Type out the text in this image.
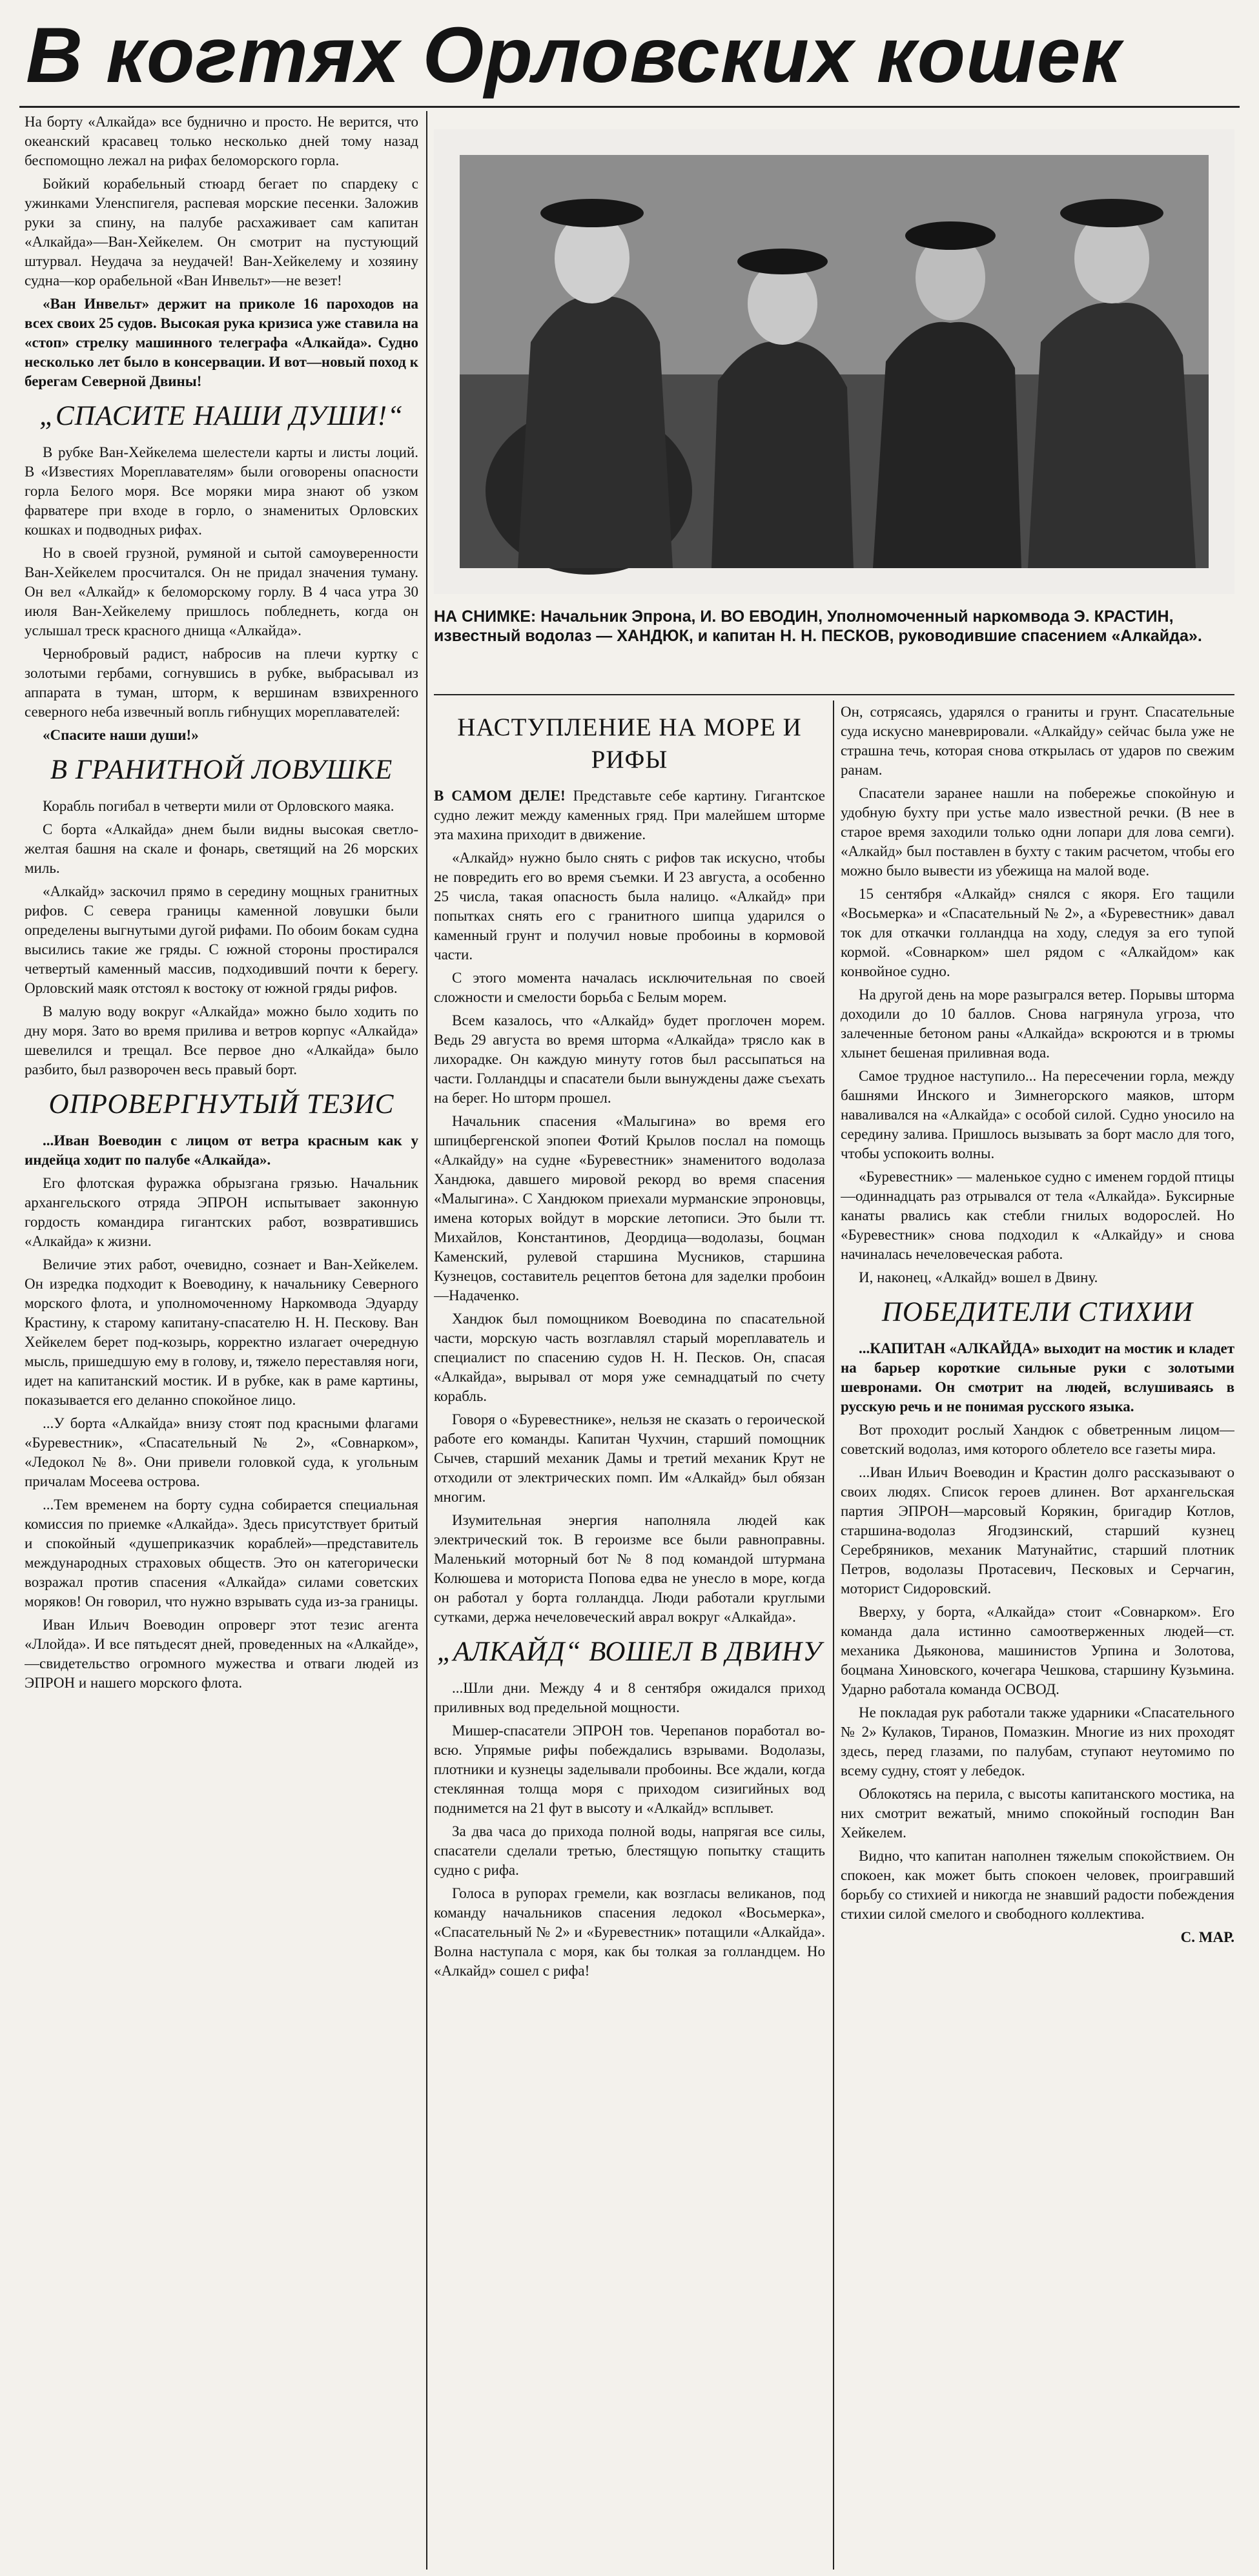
В когтях Орловских кошек
НА СНИМКЕ: Начальник Эпрона, И. ВО ЕВОДИН, Уполномоченный наркомвода Э. КРАСТИН, известный водолаз — ХАНДЮК, и капитан Н. Н. ПЕСКОВ, руководившие спасением «Алкайда».

На борту «Алкайда» все буднично и просто. Не верится, что океанский красавец только несколько дней тому назад беспомощно лежал на рифах беломорского горла.

Бойкий корабельный стюард бегает по спардеку с ужинками Уленспигеля, распевая морские песенки. Заложив руки за спину, на палубе расхаживает сам капитан «Алкайда»—Ван-Хейкелем. Он смотрит на пустующий штурвал. Неудача за неудачей! Ван-Хейкелему и хозяину судна—кор орабельной «Ван Инвельт»—не везет!

«Ван Инвельт» держит на приколе 16 пароходов на всех своих 25 судов. Высокая рука кризиса уже ставила на «стоп» стрелку машинного телеграфа «Алкайда». Судно несколько лет было в консервации. И вот—новый поход к берегам Северной Двины!

„СПАСИТЕ НАШИ ДУШИ!“

В рубке Ван-Хейкелема шелестели карты и листы лоций. В «Известиях Мореплавателям» были оговорены опасности горла Белого моря. Все моряки мира знают об узком фарватере при входе в горло, о знаменитых Орловских кошках и подводных рифах.

Но в своей грузной, румяной и сытой самоуверенности Ван-Хейкелем просчитался. Он не придал значения туману. Он вел «Алкайд» к беломорскому горлу. В 4 часа утра 30 июля Ван-Хейкелему пришлось побледнеть, когда он услышал треск красного днища «Алкайда».

Чернобровый радист, набросив на плечи куртку с золотыми гербами, согнувшись в рубке, выбрасывал из аппарата в туман, шторм, к вершинам взвихренного северного неба извечный вопль гибнущих мореплавателей:

«Спасите наши души!»

В ГРАНИТНОЙ ЛОВУШКЕ

Корабль погибал в четверти мили от Орловского маяка.

С борта «Алкайда» днем были видны высокая светло-желтая башня на скале и фонарь, светящий на 26 морских миль.

«Алкайд» заскочил прямо в середину мощных гранитных рифов. С севера границы каменной ловушки были определены выгнутыми дугой рифами. По обоим бокам судна высились такие же гряды. С южной стороны простирался четвертый каменный массив, подходивший почти к берегу. Орловский маяк отстоял к востоку от южной гряды рифов.

В малую воду вокруг «Алкайда» можно было ходить по дну моря. Зато во время прилива и ветров корпус «Алкайда» шевелился и трещал. Все первое дно «Алкайда» было разбито, был разворочен весь правый борт.

ОПРОВЕРГНУТЫЙ ТЕЗИС

...Иван Воеводин с лицом от ветра красным как у индейца ходит по палубе «Алкайда».

Его флотская фуражка обрызгана грязью. Начальник архангельского отряда ЭПРОН испытывает законную гордость командира гигантских работ, возвратившись «Алкайда» к жизни.

Величие этих работ, очевидно, сознает и Ван-Хейкелем. Он изредка подходит к Воеводину, к начальнику Северного морского флота, и уполномоченному Наркомвода Эдуарду Крастину, к старому капитану-спасателю Н. Н. Пескову. Ван Хейкелем берет под-козырь, корректно излагает очередную мысль, пришедшую ему в голову, и, тяжело переставляя ноги, идет на капитанский мостик. И в рубке, как в раме картины, показывается его деланно спокойное лицо.

...У борта «Алкайда» внизу стоят под красными флагами «Буревестник», «Спасательный № 2», «Совнарком», «Ледокол № 8». Они привели головкой суда, к угольным причалам Мосеева острова.

...Тем временем на борту судна собирается специальная комиссия по приемке «Алкайда». Здесь присутствует бритый и спокойный «душеприказчик кораблей»—представитель международных страховых обществ. Это он категорически возражал против спасения «Алкайда» силами советских моряков! Он говорил, что нужно взрывать суда из-за границы.

Иван Ильич Воеводин опроверг этот тезис агента «Ллойда». И все пятьдесят дней, проведенных на «Алкайде»,—свидетельство огромного мужества и отваги людей из ЭПРОН и нашего морского флота.

НАСТУПЛЕНИЕ НА МОРЕ И РИФЫ

В САМОМ ДЕЛЕ! Представьте себе картину. Гигантское судно лежит между каменных гряд. При малейшем шторме эта махина приходит в движение.

«Алкайд» нужно было снять с рифов так искусно, чтобы не повредить его во время съемки. И 23 августа, а особенно 25 числа, такая опасность была налицо. «Алкайд» при попытках снять его с гранитного шипца ударился о каменный грунт и получил новые пробоины в кормовой части.

С этого момента началась исключительная по своей сложности и смелости борьба с Белым морем.

Всем казалось, что «Алкайд» будет проглочен морем. Ведь 29 августа во время шторма «Алкайда» трясло как в лихорадке. Он каждую минуту готов был рассыпаться на части. Голландцы и спасатели были вынуждены даже съехать на берег. Но шторм прошел.

Начальник спасения «Малыгина» во время его шпицбергенской эпопеи Фотий Крылов послал на помощь «Алкайду» на судне «Буревестник» знаменитого водолаза Хандюка, давшего мировой рекорд во время спасения «Малыгина». С Хандюком приехали мурманские эпроновцы, имена которых войдут в морские летописи. Это были тт. Михайлов, Константинов, Деордица—водолазы, боцман Каменский, рулевой старшина Мусников, старшина Кузнецов, составитель рецептов бетона для заделки пробоин—Надаченко.

Хандюк был помощником Воеводина по спасательной части, морскую часть возглавлял старый мореплаватель и специалист по спасению судов Н. Н. Песков. Он, спасая «Алкайда», вырывал от моря уже семнадцатый по счету корабль.

Говоря о «Буревестнике», нельзя не сказать о героической работе его команды. Капитан Чухчин, старший помощник Сычев, старший механик Дамы и третий механик Крут не отходили от электрических помп. Им «Алкайд» был обязан многим.

Изумительная энергия наполняла людей как электрический ток. В героизме все были равноправны. Маленький моторный бот № 8 под командой штурмана Колюшева и моториста Попова едва не унесло в море, когда он работал у борта голландца. Люди работали круглыми сутками, держа нечеловеческий аврал вокруг «Алкайда».

„АЛКАЙД“ ВОШЕЛ В ДВИНУ

...Шли дни. Между 4 и 8 сентября ожидался приход приливных вод предельной мощности.

Мишер-спасатели ЭПРОН тов. Черепанов поработал во-всю. Упрямые рифы побеждались взрывами. Водолазы, плотники и кузнецы заделывали пробоины. Все ждали, когда стеклянная толща моря с приходом сизигийных вод поднимется на 21 фут в высоту и «Алкайд» всплывет.

За два часа до прихода полной воды, напрягая все силы, спасатели сделали третью, блестящую попытку стащить судно с рифа.

Голоса в рупорах гремели, как возгласы великанов, под команду начальников спасения ледокол «Восьмерка», «Спасательный № 2» и «Буревестник» потащили «Алкайда». Волна наступала с моря, как бы толкая за голландцем. Но «Алкайд» сошел с рифа!

Он, сотрясаясь, ударялся о граниты и грунт. Спасательные суда искусно маневрировали. «Алкайду» сейчас была уже не страшна течь, которая снова открылась от ударов по свежим ранам.

Спасатели заранее нашли на побережье спокойную и удобную бухту при устье мало известной речки. (В нее в старое время заходили только одни лопари для лова семги). «Алкайд» был поставлен в бухту с таким расчетом, чтобы его можно было вывести из убежища на малой воде.

15 сентября «Алкайд» снялся с якоря. Его тащили «Восьмерка» и «Спасательный № 2», а «Буревестник» давал ток для откачки голландца на ходу, следуя за его тупой кормой. «Совнарком» шел рядом с «Алкайдом» как конвойное судно.

На другой день на море разыгрался ветер. Порывы шторма доходили до 10 баллов. Снова нагрянула угроза, что залеченные бетоном раны «Алкайда» вскроются и в трюмы хлынет бешеная приливная вода.

Самое трудное наступило... На пересечении горла, между башнями Инского и Зимнегорского маяков, шторм наваливался на «Алкайда» с особой силой. Судно уносило на середину залива. Пришлось вызывать за борт масло для того, чтобы успокоить волны.

«Буревестник» — маленькое судно с именем гордой птицы—одиннадцать раз отрывался от тела «Алкайда». Буксирные канаты рвались как стебли гнилых водорослей. Но «Буревестник» снова подходил к «Алкайду» и снова начиналась нечеловеческая работа.

И, наконец, «Алкайд» вошел в Двину.

ПОБЕДИТЕЛИ СТИХИИ

...КАПИТАН «АЛКАЙДА» выходит на мостик и кладет на барьер короткие сильные руки с золотыми шевронами. Он смотрит на людей, вслушиваясь в русскую речь и не понимая русского языка.

Вот проходит рослый Хандюк с обветренным лицом—советский водолаз, имя которого облетело все газеты мира.

...Иван Ильич Воеводин и Крастин долго рассказывают о своих людях. Список героев длинен. Вот архангельская партия ЭПРОН—марсовый Корякин, бригадир Котлов, старшина-водолаз Ягодзинский, старший кузнец Серебряников, механик Матунайтис, старший плотник Петров, водолазы Протасевич, Песковых и Серчагин, моторист Сидоровский.

Вверху, у борта, «Алкайда» стоит «Совнарком». Его команда дала истинно самоотверженных людей—ст. механика Дьяконова, машинистов Урпина и Золотова, боцмана Хиновского, кочегара Чешкова, старшину Кузьмина. Ударно работала команда ОСВОД.

Не покладая рук работали также ударники «Спасательного № 2» Кулаков, Тиранов, Помазкин. Многие из них проходят здесь, перед глазами, по палубам, ступают неутомимо по всему судну, стоят у лебедок.

Облокотясь на перила, с высоты капитанского мостика, на них смотрит вежатый, мнимо спокойный господин Ван Хейкелем.

Видно, что капитан наполнен тяжелым спокойствием. Он спокоен, как может быть спокоен человек, проигравший борьбу со стихией и никогда не знавший радости побеждения стихии силой смелого и свободного коллектива.

С. МАР.
